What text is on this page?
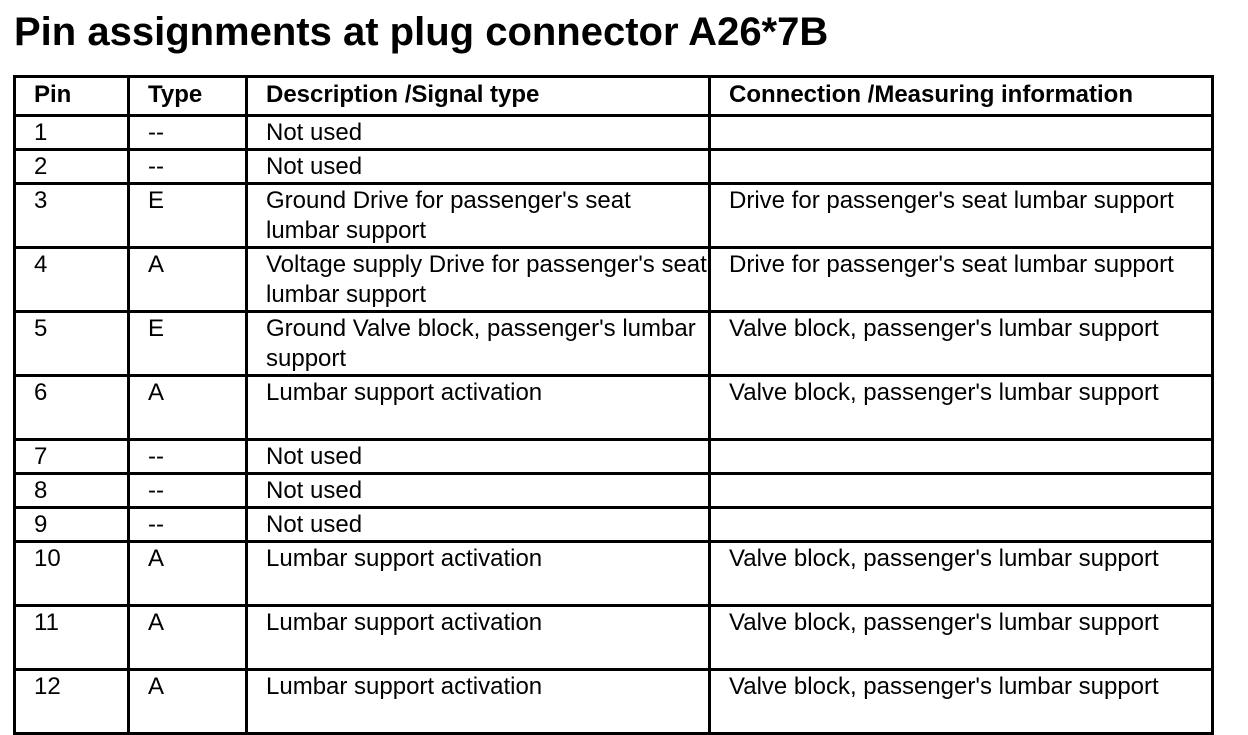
Pin assignments at plug connector A26*7B
Pin	Type	Description /Signal type	Connection /Measuring information
1	--	Not used	
2	--	Not used	
3	E	Ground Drive for passenger's seat lumbar support	Drive for passenger's seat lumbar support
4	A	Voltage supply Drive for passenger's seat lumbar support	Drive for passenger's seat lumbar support
5	E	Ground Valve block, passenger's lumbar support	Valve block, passenger's lumbar support
6	A	Lumbar support activation	Valve block, passenger's lumbar support
7	--	Not used	
8	--	Not used	
9	--	Not used	
10	A	Lumbar support activation	Valve block, passenger's lumbar support
11	A	Lumbar support activation	Valve block, passenger's lumbar support
12	A	Lumbar support activation	Valve block, passenger's lumbar support
